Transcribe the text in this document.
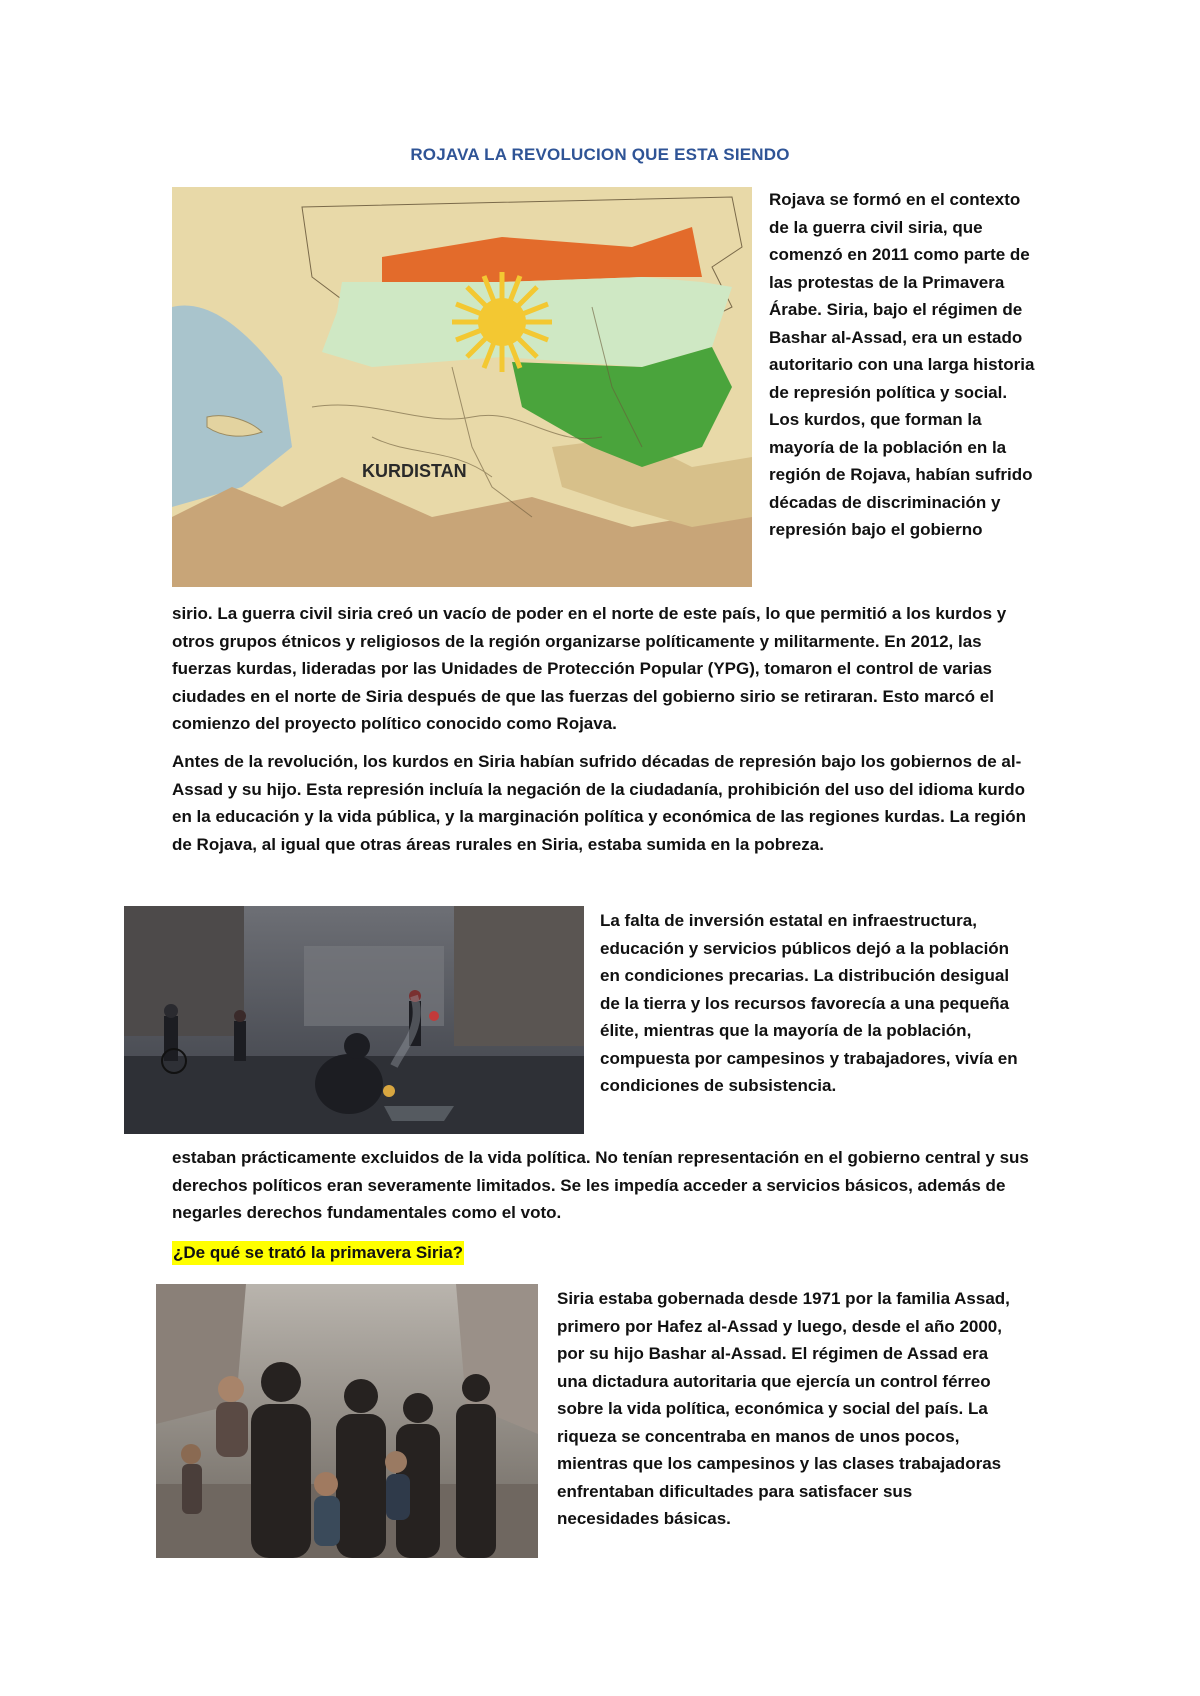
ROJAVA LA REVOLUCION QUE ESTA SIENDO
KURDISTAN

Rojava se formó en el contexto de la guerra civil siria, que comenzó en 2011 como parte de las protestas de la Primavera Árabe. Siria, bajo el régimen de Bashar al-Assad, era un estado autoritario con una larga historia de represión política y social. Los kurdos, que forman la mayoría de la población en la región de Rojava, habían sufrido décadas de discriminación y represión bajo el gobierno

sirio. La guerra civil siria creó un vacío de poder en el norte de este país, lo que permitió a los kurdos y otros grupos étnicos y religiosos de la región organizarse políticamente y militarmente. En 2012, las fuerzas kurdas, lideradas por las Unidades de Protección Popular (YPG), tomaron el control de varias ciudades en el norte de Siria después de que las fuerzas del gobierno sirio se retiraran. Esto marcó el comienzo del proyecto político conocido como Rojava.

Antes de la revolución, los kurdos en Siria habían sufrido décadas de represión bajo los gobiernos de al-Assad y su hijo. Esta represión incluía la negación de la ciudadanía, prohibición del uso del idioma kurdo en la educación y la vida pública, y la marginación política y económica de las regiones kurdas. La región de Rojava, al igual que otras áreas rurales en Siria, estaba sumida en la pobreza.

La falta de inversión estatal en infraestructura, educación y servicios públicos dejó a la población en condiciones precarias. La distribución desigual de la tierra y los recursos favorecía a una pequeña élite, mientras que la mayoría de la población, compuesta por campesinos y trabajadores, vivía en condiciones de subsistencia.

estaban prácticamente excluidos de la vida política. No tenían representación en el gobierno central y sus derechos políticos eran severamente limitados. Se les impedía acceder a servicios básicos, además de negarles derechos fundamentales como el voto.

¿De qué se trató la primavera Siria?

Siria estaba gobernada desde 1971 por la familia Assad, primero por Hafez al-Assad y luego, desde el año 2000, por su hijo Bashar al-Assad. El régimen de Assad era una dictadura autoritaria que ejercía un control férreo sobre la vida política, económica y social del país. La riqueza se concentraba en manos de unos pocos, mientras que los campesinos y las clases trabajadoras enfrentaban dificultades para satisfacer sus necesidades básicas.
